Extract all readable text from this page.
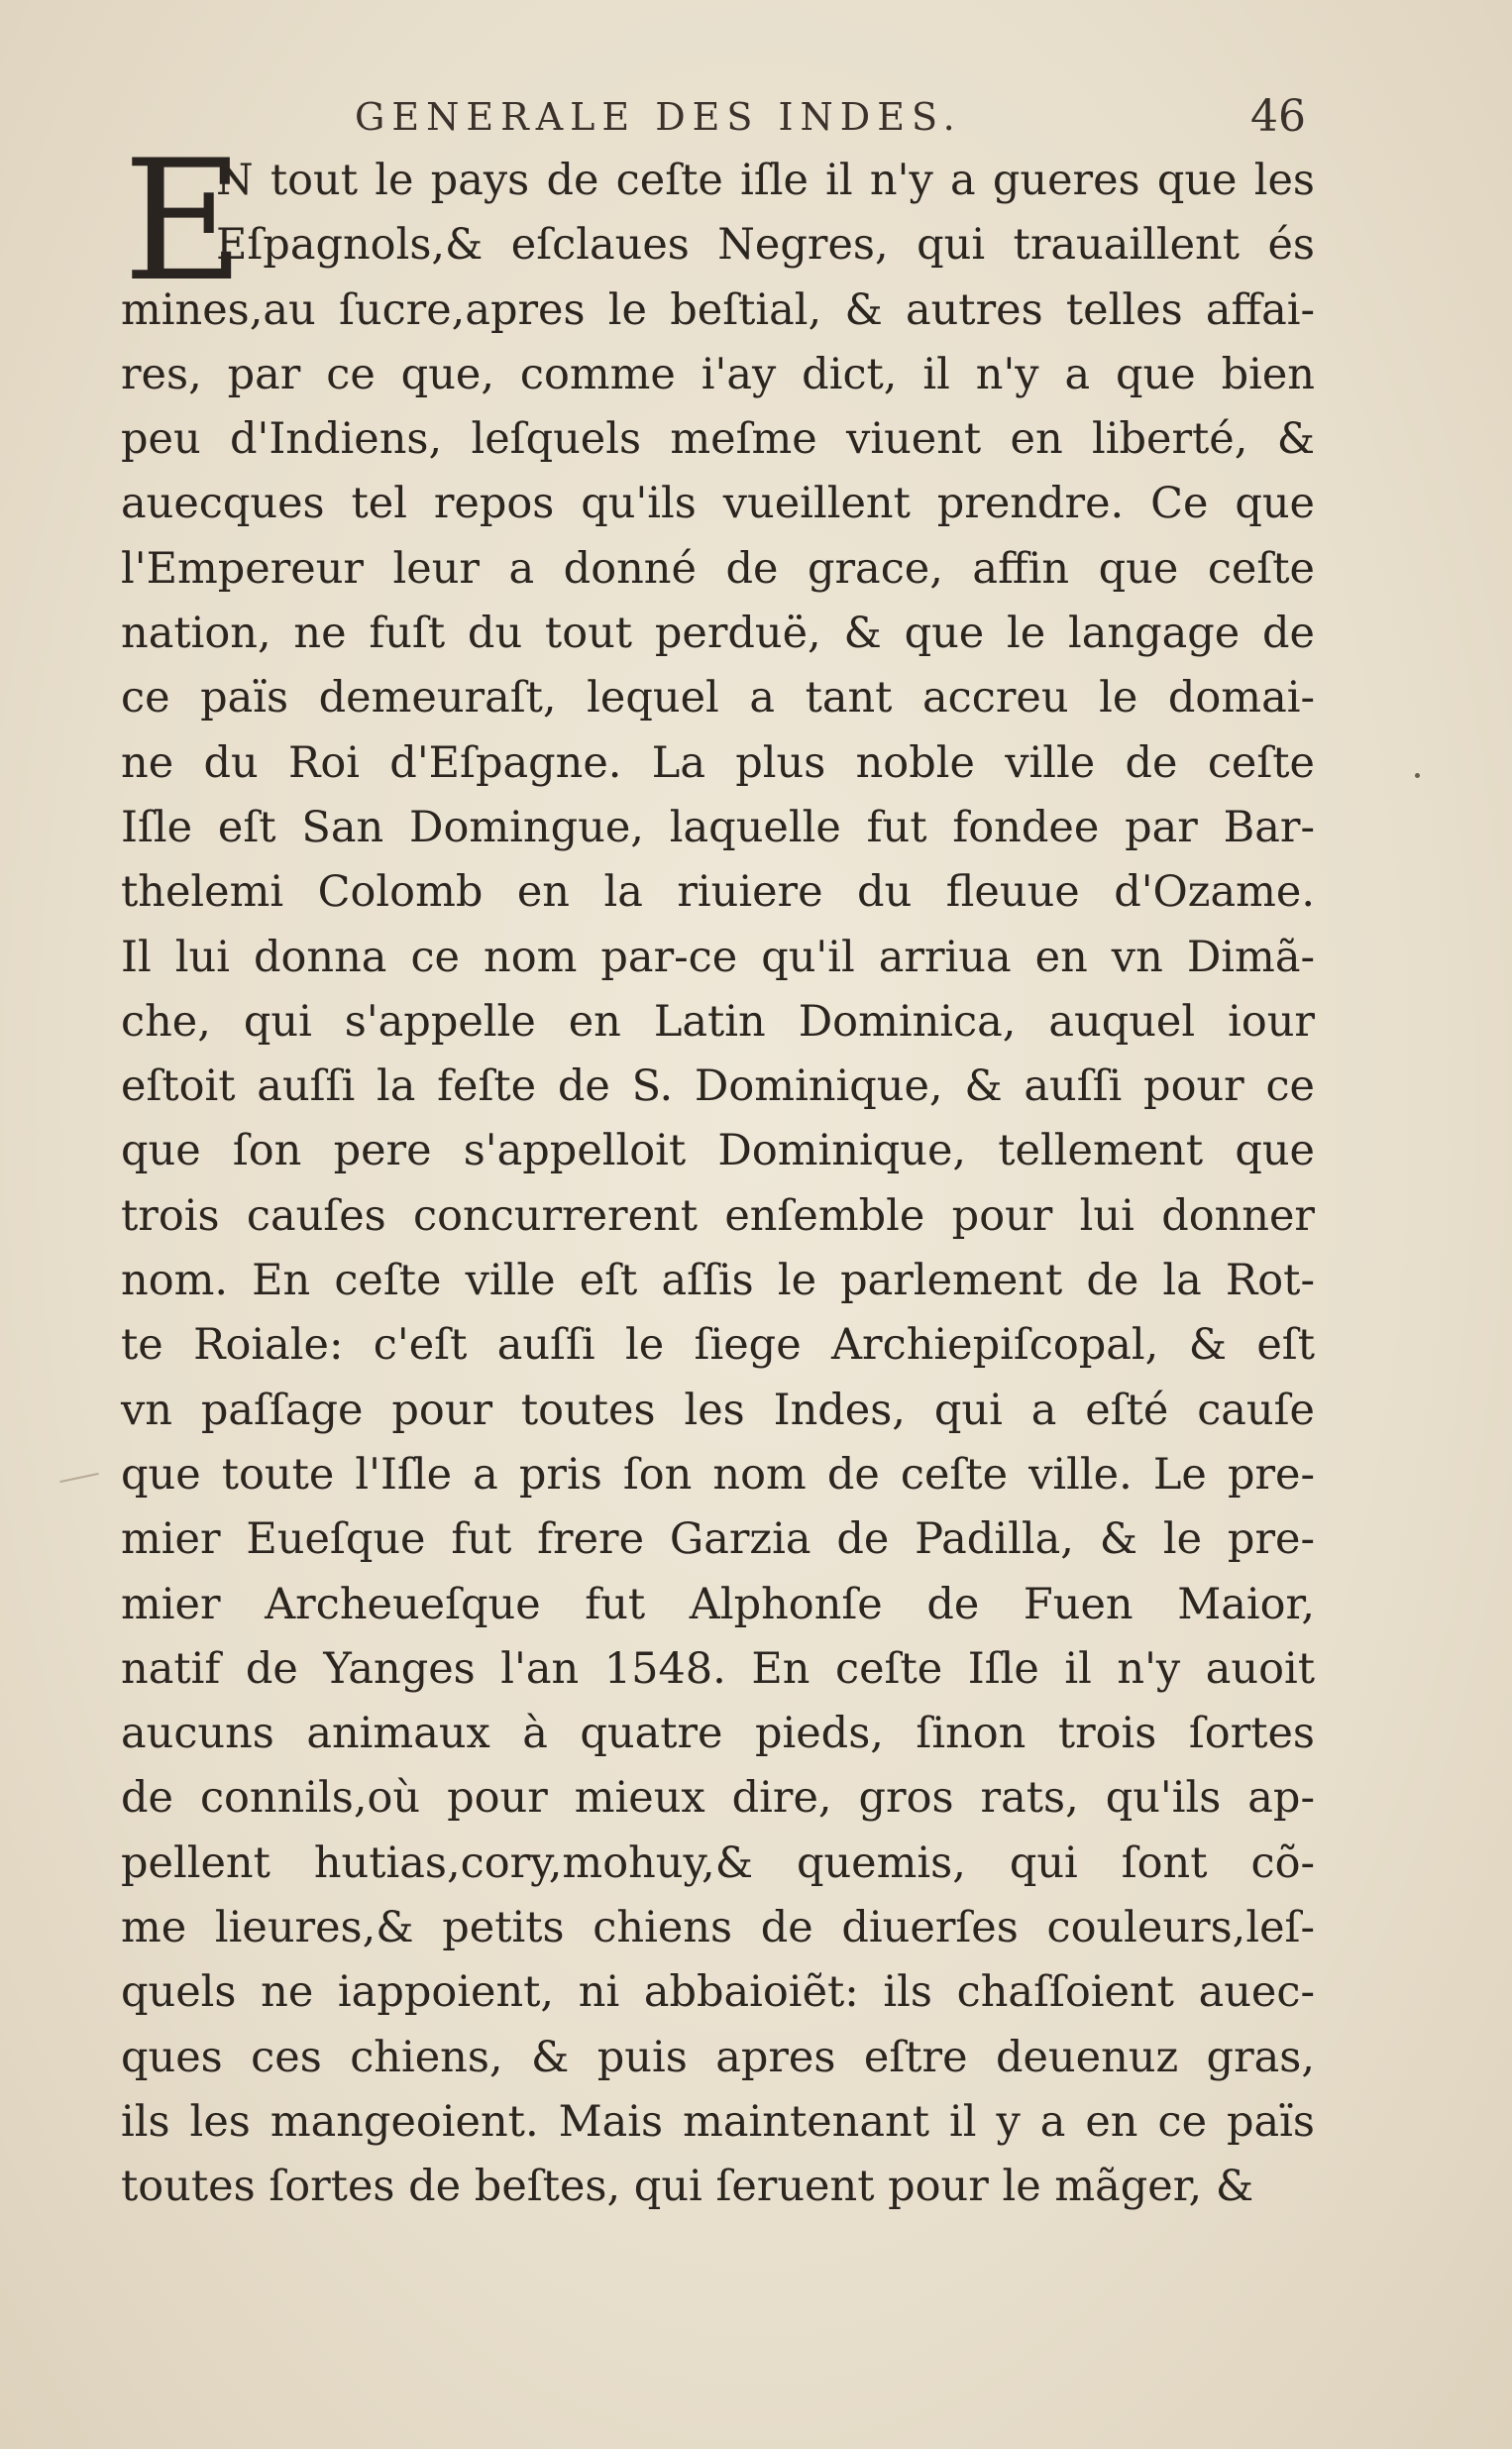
GENERALE DES INDES.	46
E
N tout le pays de ceſte iſle il n'y a gueres que les
Eſpagnols,& eſclaues Negres, qui trauaillent és
mines,au ſucre,apres le beſtial, & autres telles affai-
res, par ce que, comme i'ay dict, il n'y a que bien
peu d'Indiens, leſquels meſme viuent en liberté, &
auecques tel repos qu'ils vueillent prendre. Ce que
l'Empereur leur a donné de grace, affin que ceſte
nation, ne fuſt du tout perduë, & que le langage de
ce païs demeuraſt, lequel a tant accreu le domai-
ne du Roi d'Eſpagne. La plus noble ville de ceſte
Iſle eſt San Domingue, laquelle fut fondee par Bar-
thelemi Colomb en la riuiere du fleuue d'Ozame.
Il lui donna ce nom par-ce qu'il arriua en vn Dimã-
che, qui s'appelle en Latin Dominica, auquel iour
eſtoit auſſi la feſte de S. Dominique, & auſſi pour ce
que ſon pere s'appelloit Dominique, tellement que
trois cauſes concurrerent enſemble pour lui donner
nom. En ceſte ville eſt aſſis le parlement de la Rot-
te Roiale: c'eſt auſſi le ſiege Archiepiſcopal, & eſt
vn paſſage pour toutes les Indes, qui a eſté cauſe
que toute l'Iſle a pris ſon nom de ceſte ville. Le pre-
mier Eueſque fut frere Garzia de Padilla, & le pre-
mier Archeueſque fut Alphonſe de Fuen Maior,
natif de Yanges l'an 1548. En ceſte Iſle il n'y auoit
aucuns animaux à quatre pieds, ſinon trois ſortes
de connils,où pour mieux dire, gros rats, qu'ils ap-
pellent hutias,cory,mohuy,& quemis, qui ſont cõ-
me lieures,& petits chiens de diuerſes couleurs,leſ-
quels ne iappoient, ni abbaioiẽt: ils chaſſoient auec-
ques ces chiens, & puis apres eſtre deuenuz gras,
ils les mangeoient. Mais maintenant il y a en ce païs
toutes ſortes de beſtes, qui ſeruent pour le mãger, &
